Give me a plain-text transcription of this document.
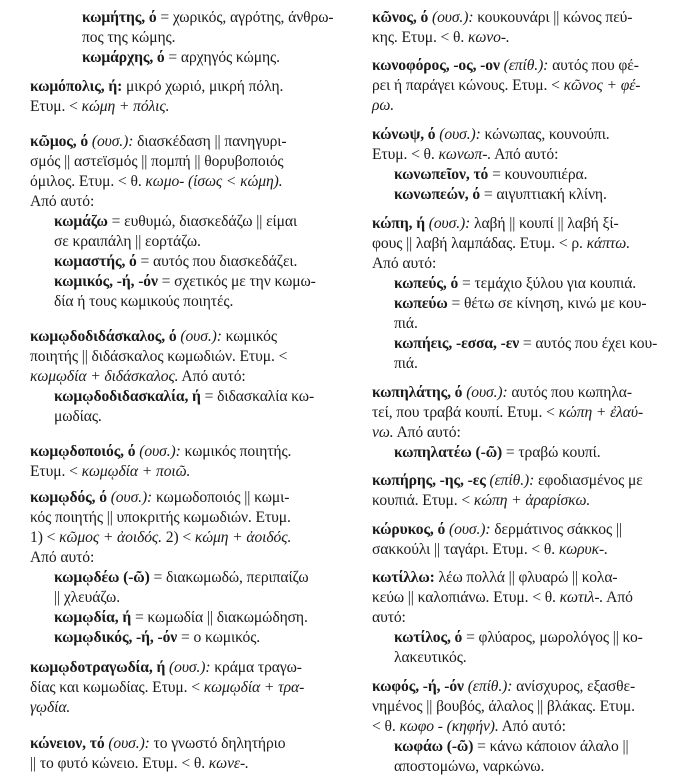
κωμήτης, ό = χωρικός, αγρότης, άνθρω-
πος της κώμης.
κωμάρχης, ό = αρχηγός κώμης.
κωμόπολις, ή: μικρό χωριό, μικρή πόλη.
Ετυμ. < κώμη + πόλις.
κῶμος, ό (ουσ.): διασκέδαση || πανηγυρι-
σμός || αστεϊσμός || πομπή || θορυβοποιός
όμιλος. Ετυμ. < θ. κωμο- (ίσως < κώμη).
Από αυτό:
κωμάζω = ευθυμώ, διασκεδάζω || είμαι
σε κραιπάλη || εορτάζω.
κωμαστής, ό = αυτός που διασκεδάζει.
κωμικός, -ή, -όν = σχετικός με την κωμω-
δία ή τους κωμικούς ποιητές.
κωμῳδοδιδάσκαλος, ό (ουσ.): κωμικός
ποιητής || διδάσκαλος κωμωδιών. Ετυμ. <
κωμῳδία + διδάσκαλος. Από αυτό:
κωμῳδοδιδασκαλία, ή = διδασκαλία κω-
μωδίας.
κωμῳδοποιός, ό (ουσ.): κωμικός ποιητής.
Ετυμ. < κωμῳδία + ποιῶ.
κωμῳδός, ό (ουσ.): κωμωδοποιός || κωμι-
κός ποιητής || υποκριτής κωμωδιών. Ετυμ.
1) < κῶμος + ἀοιδός. 2) < κώμη + ἀοιδός.
Από αυτό:
κωμῳδέω (-ῶ) = διακωμωδώ, περιπαίζω
|| χλευάζω.
κωμῳδία, ή = κωμωδία || διακωμώδηση.
κωμῳδικός, -ή, -όν = ο κωμικός.
κωμῳδοτραγωδία, ή (ουσ.): κράμα τραγω-
δίας και κωμωδίας. Ετυμ. < κωμῳδία + τρα-
γῳδία.
κώνειον, τό (ουσ.): το γνωστό δηλητήριο
|| το φυτό κώνειο. Ετυμ. < θ. κωνε-.
κῶνος, ό (ουσ.): κουκουνάρι || κώνος πεύ-
κης. Ετυμ. < θ. κωνο-.
κωνοφόρος, -ος, -ον (επίθ.): αυτός που φέ-
ρει ή παράγει κώνους. Ετυμ. < κῶνος + φέ-
ρω.
κώνωψ, ό (ουσ.): κώνωπας, κουνούπι.
Ετυμ. < θ. κωνωπ-. Από αυτό:
κωνωπεῖον, τό = κουνουπιέρα.
κωνωπεών, ό = αιγυπτιακή κλίνη.
κώπη, ή (ουσ.): λαβή || κουπί || λαβή ξί-
φους || λαβή λαμπάδας. Ετυμ. < ρ. κάπτω.
Από αυτό:
κωπεύς, ό = τεμάχιο ξύλου για κουπιά.
κωπεύω = θέτω σε κίνηση, κινώ με κου-
πιά.
κωπήεις, -εσσα, -εν = αυτός που έχει κου-
πιά.
κωπηλάτης, ό (ουσ.): αυτός που κωπηλα-
τεί, που τραβά κουπί. Ετυμ. < κώπη + ἐλαύ-
νω. Από αυτό:
κωπηλατέω (-ῶ) = τραβώ κουπί.
κωπήρης, -ης, -ες (επίθ.): εφοδιασμένος με
κουπιά. Ετυμ. < κώπη + ἀραρίσκω.
κώρυκος, ό (ουσ.): δερμάτινος σάκκος ||
σακκούλι || ταγάρι. Ετυμ. < θ. κωρυκ-.
κωτίλλω: λέω πολλά || φλυαρώ || κολα-
κεύω || καλοπιάνω. Ετυμ. < θ. κωτιλ-. Από
αυτό:
κωτίλος, ό = φλύαρος, μωρολόγος || κο-
λακευτικός.
κωφός, -ή, -όν (επίθ.): ανίσχυρος, εξασθε-
νημένος || βουβός, άλαλος || βλάκας. Ετυμ.
< θ. κωφο - (κηφήν). Από αυτό:
κωφάω (-ῶ) = κάνω κάποιον άλαλο ||
αποστομώνω, ναρκώνω.
